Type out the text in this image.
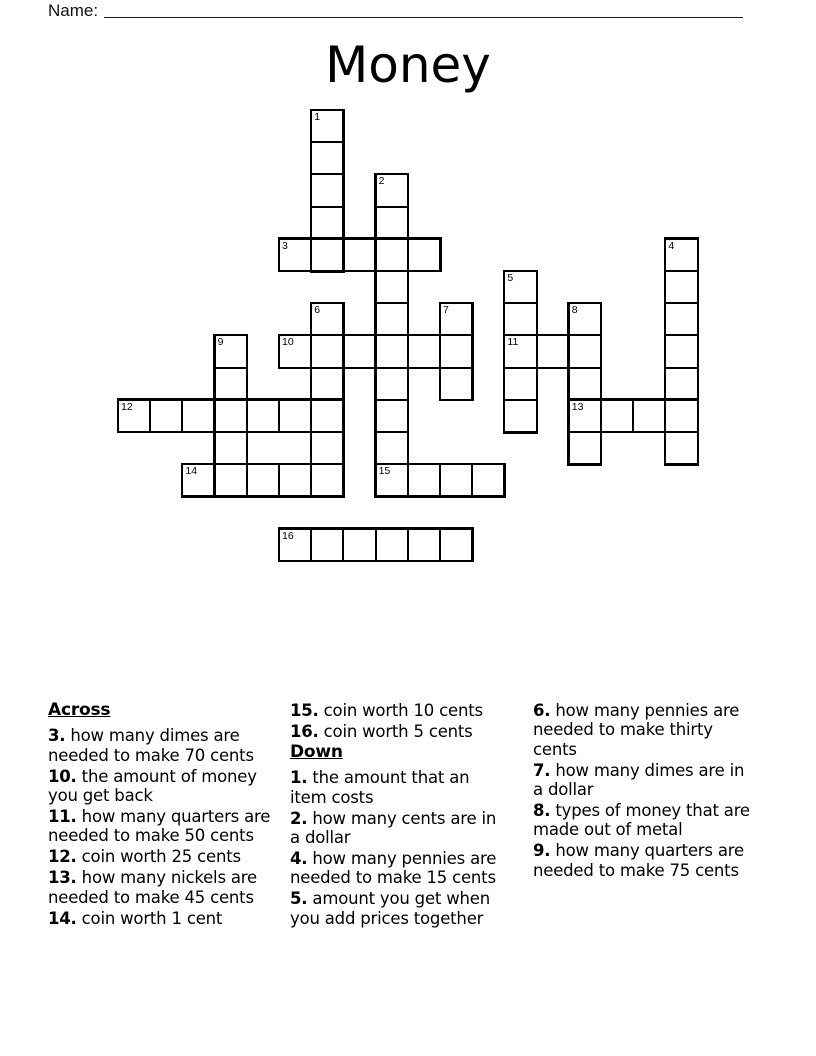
Name:
Money
1
2
15
3	4
5
11
6	7	8
13
9	10
12
14
16
Across
3. how many dimes are needed to make 70 cents
10. the amount of money you get back
11. how many quarters are needed to make 50 cents
12. coin worth 25 cents
13. how many nickels are needed to make 45 cents
14. coin worth 1 cent
15. coin worth 10 cents
16. coin worth 5 cents
Down
1. the amount that an item costs
2. how many cents are in a dollar
4. how many pennies are needed to make 15 cents
5. amount you get when you add prices together
6. how many pennies are needed to make thirty cents
7. how many dimes are in a dollar
8. types of money that are made out of metal
9. how many quarters are needed to make 75 cents
